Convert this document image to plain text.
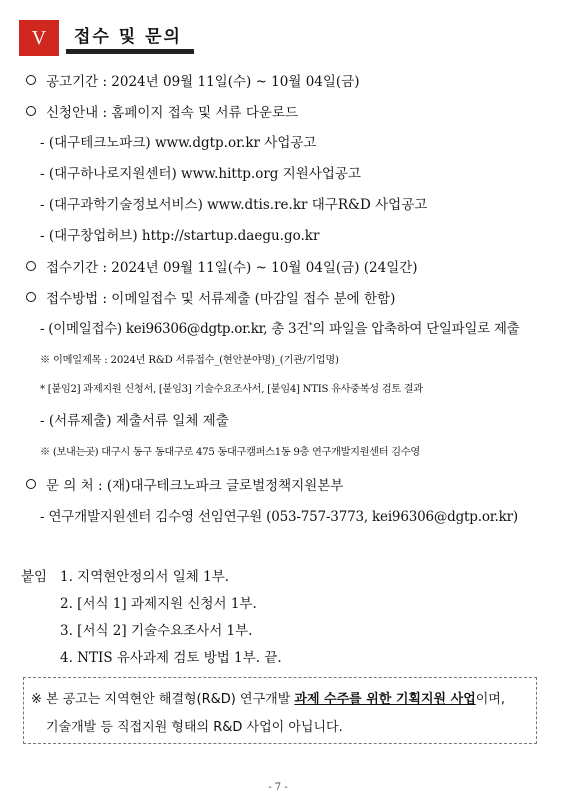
V	접수 및 문의
공고기간 : 2024년 09월 11일(수) ~ 10월 04일(금)
신청안내 : 홈페이지 접속 및 서류 다운로드
- (대구테크노파크) www.dgtp.or.kr 사업공고
- (대구하나로지원센터) www.hittp.org 지원사업공고
- (대구과학기술정보서비스) www.dtis.re.kr 대구R&D 사업공고
- (대구창업허브) http://startup.daegu.go.kr
접수기간 : 2024년 09월 11일(수) ~ 10월 04일(금) (24일간)
접수방법 : 이메일접수 및 서류제출 (마감일 접수 분에 한함)
- (이메일접수) kei96306@dgtp.or.kr, 총 3건*의 파일을 압축하여 단일파일로 제출
※ 이메일제목 : 2024년 R&D 서류접수_(현안분야명)_(기관/기업명)
* [붙임2] 과제지원 신청서, [붙임3] 기술수요조사서, [붙임4] NTIS 유사중복성 검토 결과
- (서류제출) 제출서류 일체 제출
※ (보내는곳) 대구시 동구 동대구로 475 동대구캠퍼스1동 9층 연구개발지원센터 김수영
문 의 처 : (재)대구테크노파크 글로벌정책지원본부
- 연구개발지원센터 김수영 선임연구원 (053-757-3773, kei96306@dgtp.or.kr)
붙임 1. 지역현안정의서 일체 1부.
2. [서식 1] 과제지원 신청서 1부.
3. [서식 2] 기술수요조사서 1부.
4. NTIS 유사과제 검토 방법 1부. 끝.
※ 본 공고는 지역현안 해결형(R&D) 연구개발 과제 수주를 위한 기획지원 사업이며,
기술개발 등 직접지원 형태의 R&D 사업이 아닙니다.
- 7 -
